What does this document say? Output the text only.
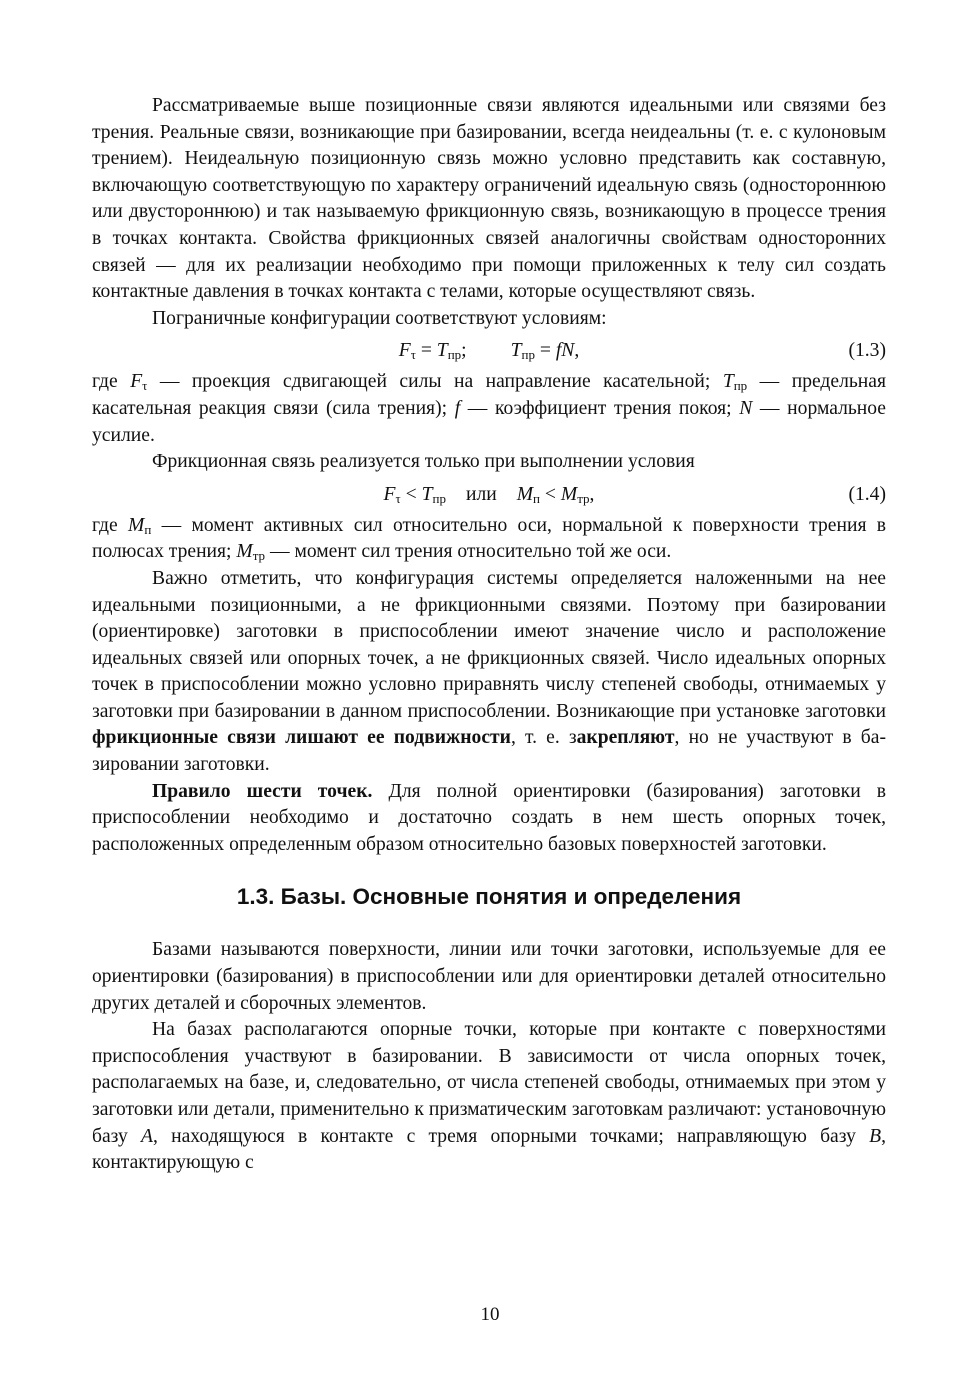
Рассматриваемые выше позиционные связи являются идеальными или связями без трения. Реальные связи, возникающие при базировании, всегда неидеальны (т. е. с кулоновым трением). Неидеальную позиционную связь можно условно представить как составную, включающую соответствующую по характеру ограничений идеальную связь (одностороннюю или двустороннюю) и так называемую фрикционную связь, возникающую в процессе трения в точках контакта. Свойства фрикционных связей аналогичны свойствам односторонних связей — для их реализации необходимо при помощи приложенных к телу сил создать контактные давления в точках контакта с телами, которые осуществляют связь.

Пограничные конфигурации соответствуют условиям:

$F_\tau = T_{пр}$; $T_{пр}$ = fN,	(1.3)

где $F_\tau$ — проекция сдвигающей силы на направление касательной; $T_{пр}$ — предельная касательная реакция связи (сила трения); f — коэффициент трения покоя; N — нормальное усилие.

Фрикционная связь реализуется только при выполнении условия

$F_\tau < T_{пр}$ или $M_п < M_{тр}$,	(1.4)

где $M_п$ — момент активных сил относительно оси, нормальной к поверхности трения в полюсах трения; $M_{тр}$ — момент сил трения относительно той же оси.

Важно отметить, что конфигурация системы определяется наложенными на нее идеальными позиционными, а не фрикционными связями. Поэтому при базировании (ориентировке) заготовки в приспособлении имеют значение число и расположение идеальных связей или опорных точек, а не фрикционных связей. Число идеальных опорных точек в приспособлении можно условно приравнять числу степеней свободы, отнимаемых у заготовки при базировании в данном приспособлении. Возникающие при установке заготовки фрикционные связи лишают ее подвижности, т. е. закрепляют, но не участвуют в базировании заготовки.

Правило шести точек. Для полной ориентировки (базирования) заготовки в приспособлении необходимо и достаточно создать в нем шесть опорных точек, расположенных определенным образом относительно базовых поверхностей заготовки.

1.3. Базы. Основные понятия и определения

Базами называются поверхности, линии или точки заготовки, используемые для ее ориентировки (базирования) в приспособлении или для ориентировки деталей относительно других деталей и сборочных элементов.

На базах располагаются опорные точки, которые при контакте с поверхностями приспособления участвуют в базировании. В зависимости от числа опорных точек, располагаемых на базе, и, следовательно, от числа степеней свободы, отнимаемых при этом у заготовки или детали, применительно к призматическим заготовкам различают: установочную базу A, находящуюся в контакте с тремя опорными точками; направляющую базу B, контактирующую с

10
